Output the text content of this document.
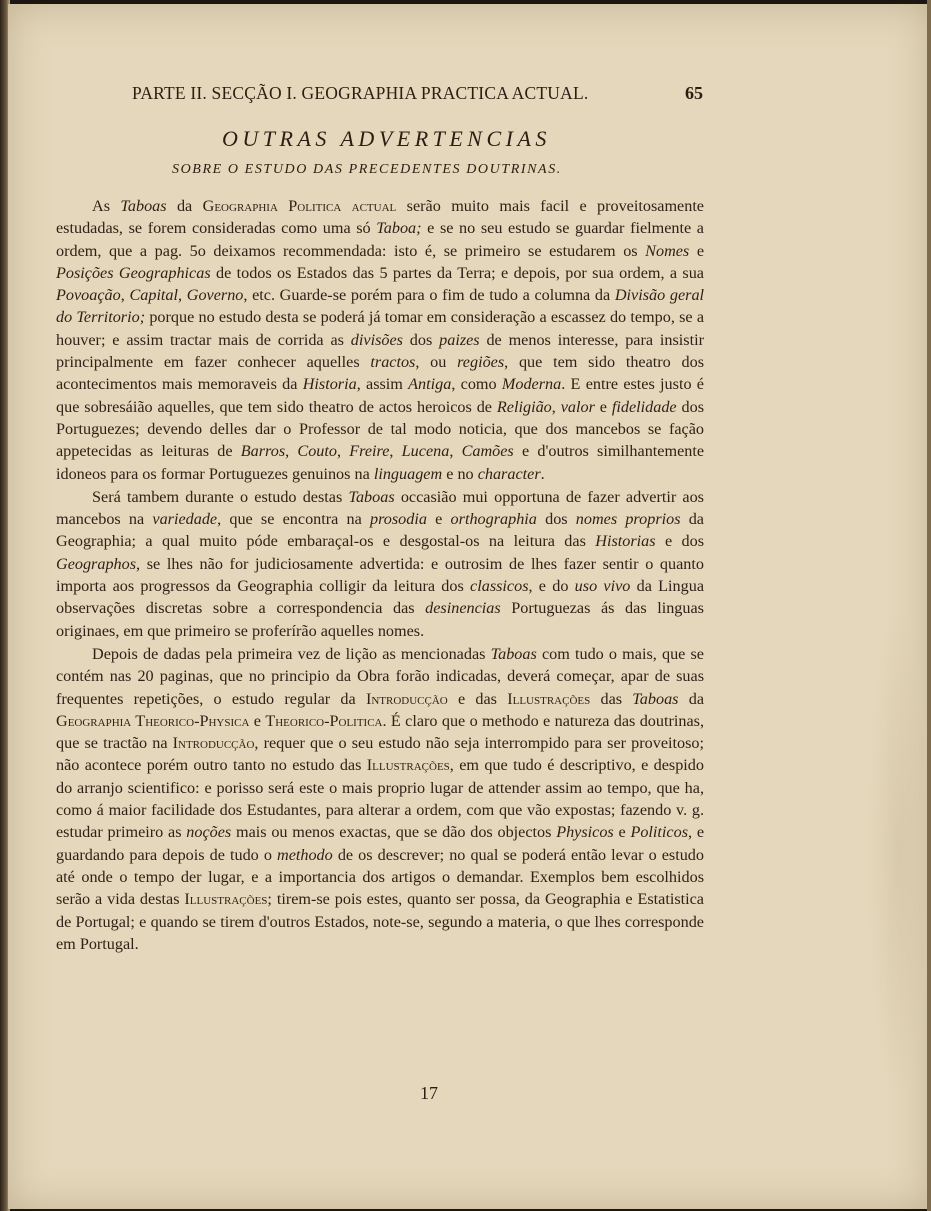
PARTE II. SECÇÃO I. GEOGRAPHIA PRACTICA ACTUAL.	65
OUTRAS ADVERTENCIAS
SOBRE O ESTUDO DAS PRECEDENTES DOUTRINAS.

As Taboas da Geographia Politica actual serão muito mais facil e proveitosamente estudadas, se forem consideradas como uma só Taboa; e se no seu estudo se guardar fielmente a ordem, que a pag. 5o deixamos recommendada: isto é, se primeiro se estudarem os Nomes e Posições Geographicas de todos os Estados das 5 partes da Terra; e depois, por sua ordem, a sua Povoação, Capital, Governo, etc. Guarde-se porém para o fim de tudo a columna da Divisão geral do Territorio; porque no estudo desta se poderá já tomar em consideração a escassez do tempo, se a houver; e assim tractar mais de corrida as divisões dos paizes de menos interesse, para insistir principalmente em fazer conhecer aquelles tractos, ou regiões, que tem sido theatro dos acontecimentos mais memoraveis da Historia, assim Antiga, como Moderna. E entre estes justo é que sobresáião aquelles, que tem sido theatro de actos heroicos de Religião, valor e fidelidade dos Portuguezes; devendo delles dar o Professor de tal modo noticia, que dos mancebos se fação appetecidas as leituras de Barros, Couto, Freire, Lucena, Camões e d'outros similhantemente idoneos para os formar Portuguezes genuinos na linguagem e no character.

Será tambem durante o estudo destas Taboas occasião mui opportuna de fazer advertir aos mancebos na variedade, que se encontra na prosodia e orthographia dos nomes proprios da Geographia; a qual muito póde embaraçal-os e desgostal-os na leitura das Historias e dos Geographos, se lhes não for judiciosamente advertida: e outrosim de lhes fazer sentir o quanto importa aos progressos da Geographia colligir da leitura dos classicos, e do uso vivo da Lingua observações discretas sobre a correspondencia das desinencias Portuguezas ás das linguas originaes, em que primeiro se proferírão aquelles nomes.

Depois de dadas pela primeira vez de lição as mencionadas Taboas com tudo o mais, que se contém nas 20 paginas, que no principio da Obra forão indicadas, deverá começar, apar de suas frequentes repetições, o estudo regular da Introducção e das Illustrações das Taboas da Geographia Theorico-Physica e Theorico-Politica. É claro que o methodo e natureza das doutrinas, que se tractão na Introducção, requer que o seu estudo não seja interrompido para ser proveitoso; não acontece porém outro tanto no estudo das Illustrações, em que tudo é descriptivo, e despido do arranjo scientifico: e porisso será este o mais proprio lugar de attender assim ao tempo, que ha, como á maior facilidade dos Estudantes, para alterar a ordem, com que vão expostas; fazendo v. g. estudar primeiro as noções mais ou menos exactas, que se dão dos objectos Physicos e Politicos, e guardando para depois de tudo o methodo de os descrever; no qual se poderá então levar o estudo até onde o tempo der lugar, e a importancia dos artigos o demandar. Exemplos bem escolhidos serão a vida destas Illustrações; tirem-se pois estes, quanto ser possa, da Geographia e Estatistica de Portugal; e quando se tirem d'outros Estados, note-se, segundo a materia, o que lhes corresponde em Portugal.

17
